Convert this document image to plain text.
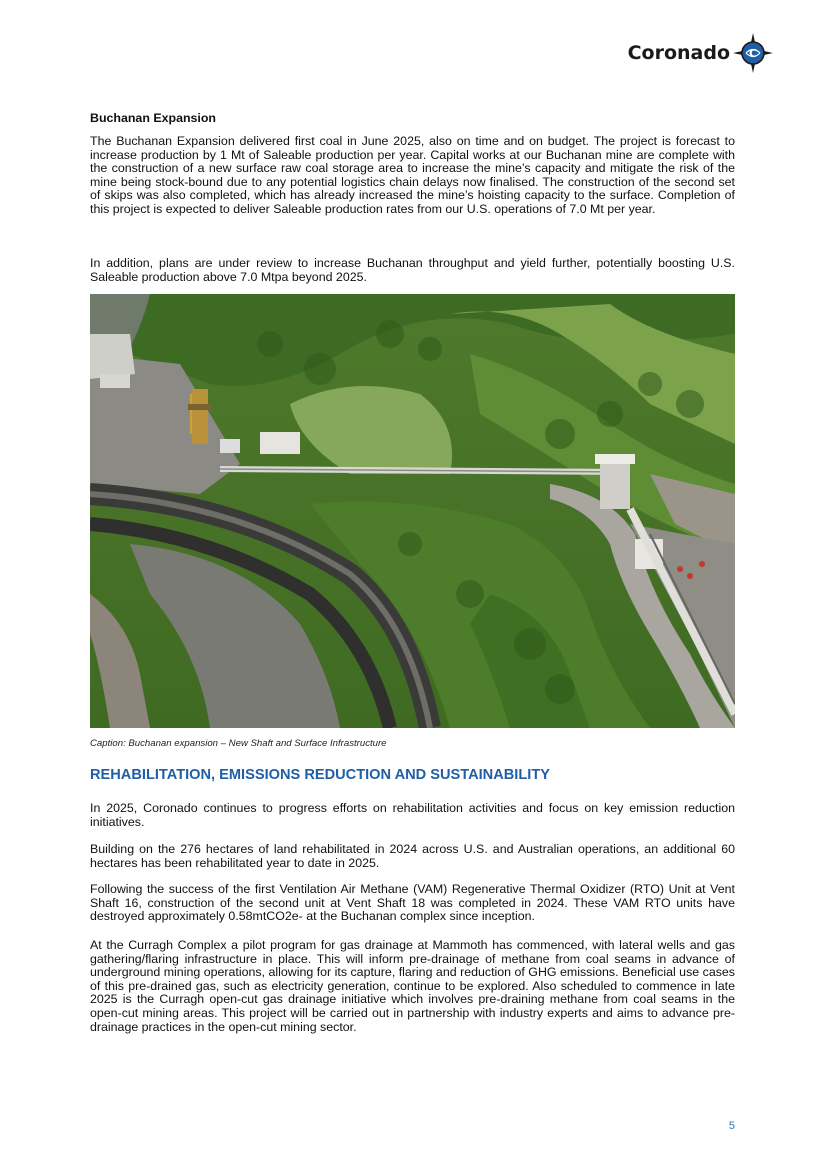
Coronado C
Buchanan Expansion

The Buchanan Expansion delivered first coal in June 2025, also on time and on budget. The project is forecast to increase production by 1 Mt of Saleable production per year. Capital works at our Buchanan mine are complete with the construction of a new surface raw coal storage area to increase the mine’s capacity and mitigate the risk of the mine being stock-bound due to any potential logistics chain delays now finalised. The construction of the second set of skips was also completed, which has already increased the mine’s hoisting capacity to the surface. Completion of this project is expected to deliver Saleable production rates from our U.S. operations of 7.0 Mt per year.

In addition, plans are under review to increase Buchanan throughput and yield further, potentially boosting U.S. Saleable production above 7.0 Mtpa beyond 2025.

Caption: Buchanan expansion – New Shaft and Surface Infrastructure
REHABILITATION, EMISSIONS REDUCTION AND SUSTAINABILITY

In 2025, Coronado continues to progress efforts on rehabilitation activities and focus on key emission reduction initiatives.

Building on the 276 hectares of land rehabilitated in 2024 across U.S. and Australian operations, an additional 60 hectares has been rehabilitated year to date in 2025.

Following the success of the first Ventilation Air Methane (VAM) Regenerative Thermal Oxidizer (RTO) Unit at Vent Shaft 16, construction of the second unit at Vent Shaft 18 was completed in 2024. These VAM RTO units have destroyed approximately 0.58mtCO2e- at the Buchanan complex since inception.

At the Curragh Complex a pilot program for gas drainage at Mammoth has commenced, with lateral wells and gas gathering/flaring infrastructure in place. This will inform pre-drainage of methane from coal seams in advance of underground mining operations, allowing for its capture, flaring and reduction of GHG emissions. Beneficial use cases of this pre-drained gas, such as electricity generation, continue to be explored. Also scheduled to commence in late 2025 is the Curragh open-cut gas drainage initiative which involves pre-draining methane from coal seams in the open-cut mining areas. This project will be carried out in partnership with industry experts and aims to advance pre-drainage practices in the open-cut mining sector.

5
